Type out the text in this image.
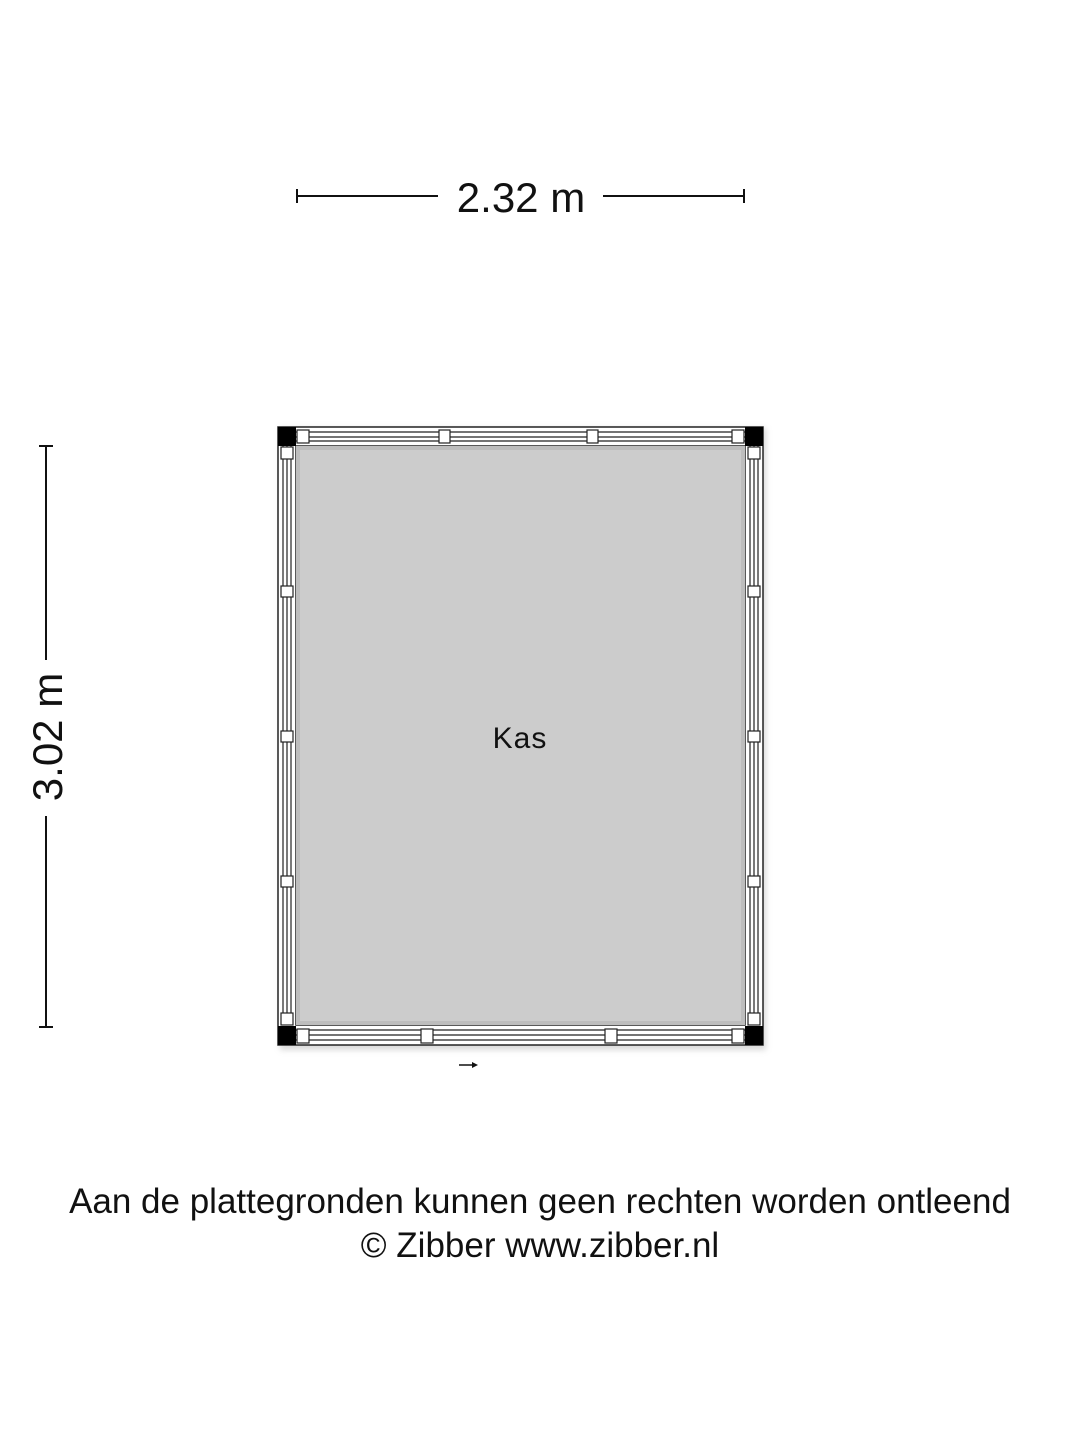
2.32 m
3.02 m	Kas
Aan de plattegronden kunnen geen rechten worden ontleend
© Zibber www.zibber.nl
